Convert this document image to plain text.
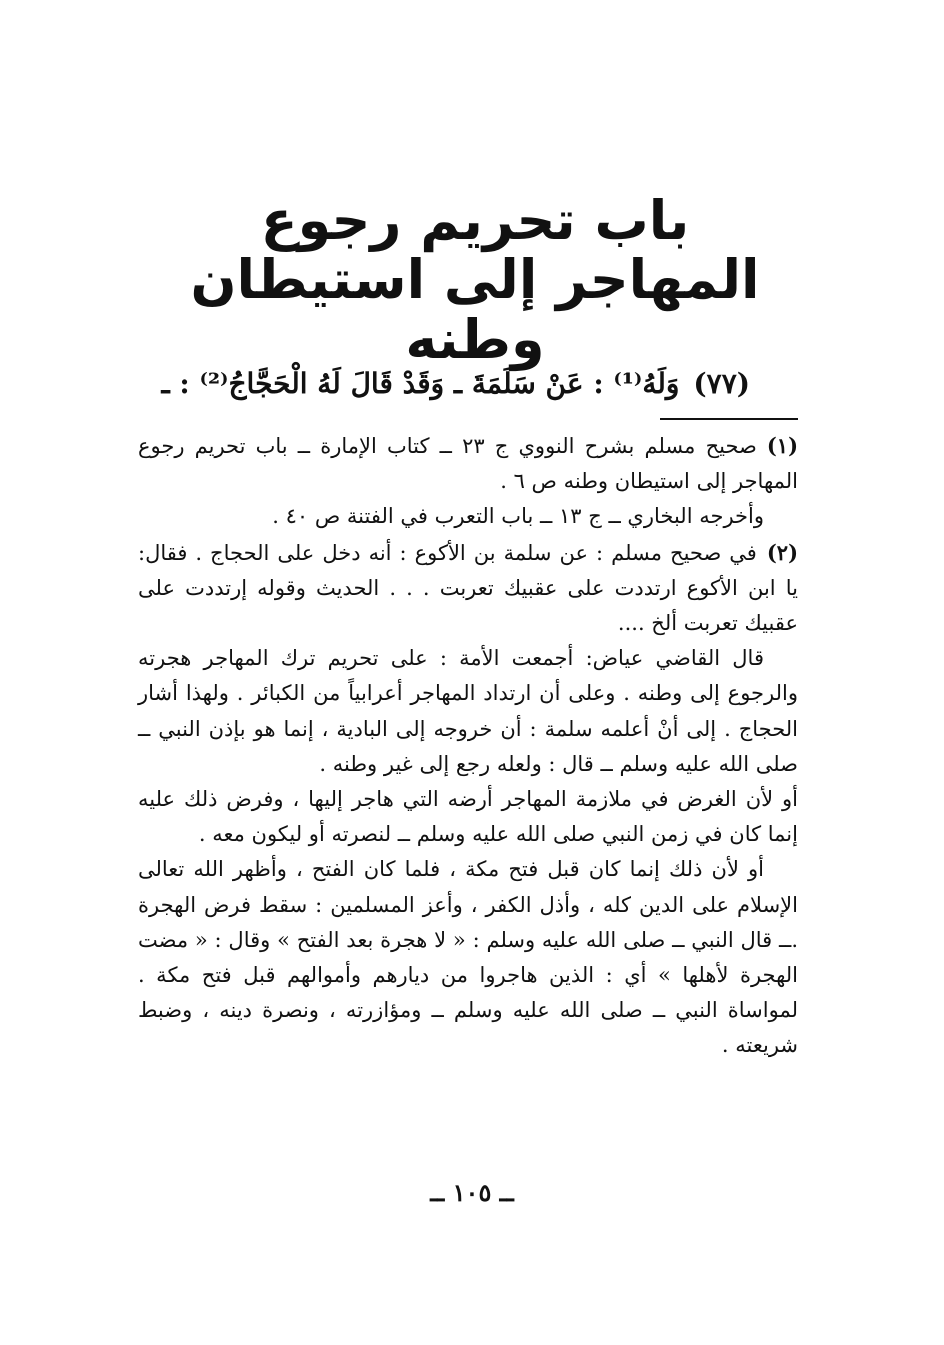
باب تحريم رجوع المهاجر إلى استيطان وطنه
(٧٧)وَلَهُ⁽¹⁾ : عَنْ سَلَمَةَ ـ وَقَدْ قَالَ لَهُ الْحَجَّاجُ⁽²⁾ : ـ

(١)صحيح مسلم بشرح النووي ج ٢٣ ــ كتاب الإمارة ــ باب تحريم رجوع المهاجر إلى استيطان وطنه ص ٦ .

وأخرجه البخاري ــ ج ١٣ ــ باب التعرب في الفتنة ص ٤٠ .

(٢)في صحيح مسلم : عن سلمة بن الأكوع : أنه دخل على الحجاج . فقال: يا ابن الأكوع ارتددت على عقبيك تعربت . . . الحديث وقوله إرتددت على عقبيك تعربت ألخ ....

قال القاضي عياض: أجمعت الأمة : على تحريم ترك المهاجر هجرته والرجوع إلى وطنه . وعلى أن ارتداد المهاجر أعرابياً من الكبائر . ولهذا أشار الحجاج . إلى أنْ أعلمه سلمة : أن خروجه إلى البادية ، إنما هو بإذن النبي ــ صلى الله عليه وسلم ــ قال : ولعله رجع إلى غير وطنه .

أو لأن الغرض في ملازمة المهاجر أرضه التي هاجر إليها ، وفرض ذلك عليه إنما كان في زمن النبي صلى الله عليه وسلم ــ لنصرته أو ليكون معه .

أو لأن ذلك إنما كان قبل فتح مكة ، فلما كان الفتح ، وأظهر الله تعالى الإسلام على الدين كله ، وأذل الكفر ، وأعز المسلمين : سقط فرض الهجرة .ــ قال النبي ــ صلى الله عليه وسلم : « لا هجرة بعد الفتح » وقال : « مضت الهجرة لأهلها » أي : الذين هاجروا من ديارهم وأموالهم قبل فتح مكة . لمواساة النبي ــ صلى الله عليه وسلم ــ ومؤازرته ، ونصرة دينه ، وضبط شريعته .

ــ ١٠٥ ــ
